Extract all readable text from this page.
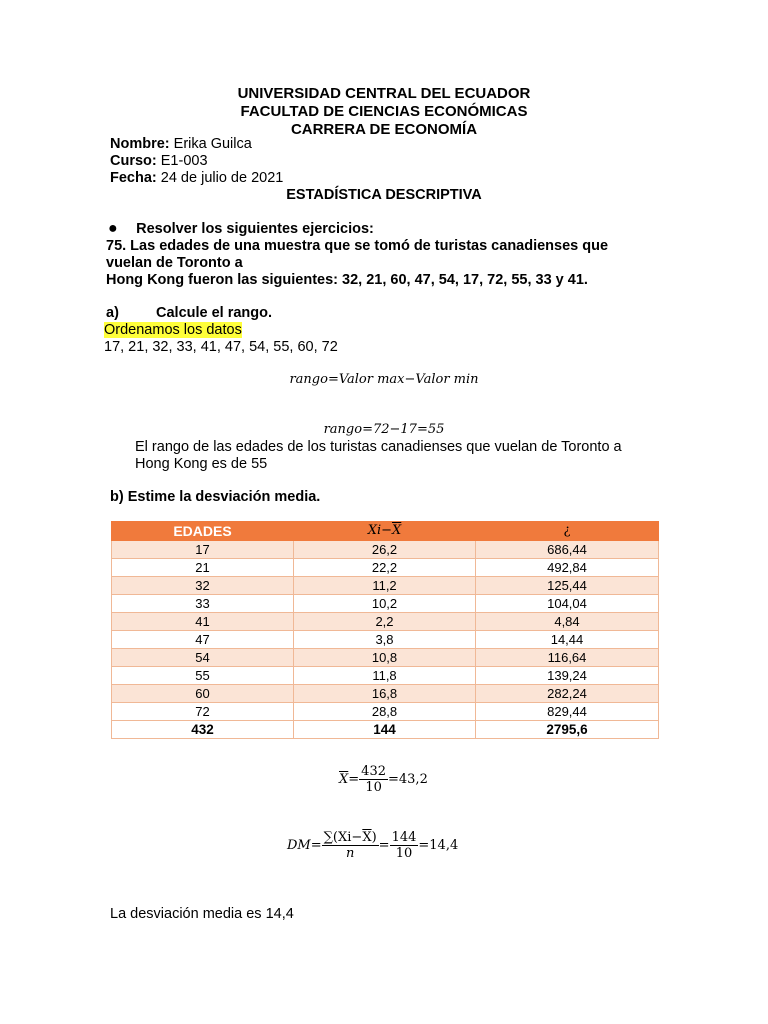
UNIVERSIDAD CENTRAL DEL ECUADOR
FACULTAD DE CIENCIAS ECONÓMICAS
CARRERA DE ECONOMÍA
Nombre: Erika Guilca
Curso: E1-003
Fecha: 24 de julio de 2021
ESTADÍSTICA DESCRIPTIVA
● Resolver los siguientes ejercicios:
75. Las edades de una muestra que se tomó de turistas canadienses que
vuelan de Toronto a
Hong Kong fueron las siguientes: 32, 21, 60, 47, 54, 17, 72, 55, 33 y 41.
a)	Calcule el rango.
Ordenamos los datos
17, 21, 32, 33, 41, 47, 54, 55, 60, 72
rango=Valor max−Valor min
rango=72−17=55
El rango de las edades de los turistas canadienses que vuelan de Toronto a
Hong Kong es de 55
b) Estime la desviación media.
EDADES	$Xi-\overline{X}$	¿
17	26,2	686,44
21	22,2	492,84
32	11,2	125,44
33	10,2	104,04
41	2,2	4,84
47	3,8	14,44
54	10,8	116,64
55	11,8	139,24
60	16,8	282,24
72	28,8	829,44
432	144	2795,6
$\overline{X}= \frac{432}{10} =43,2$
$DM= \frac{\sum(Xi-\overline{X})}{n} = \frac{144}{10} =14,4$
La desviación media es 14,4
